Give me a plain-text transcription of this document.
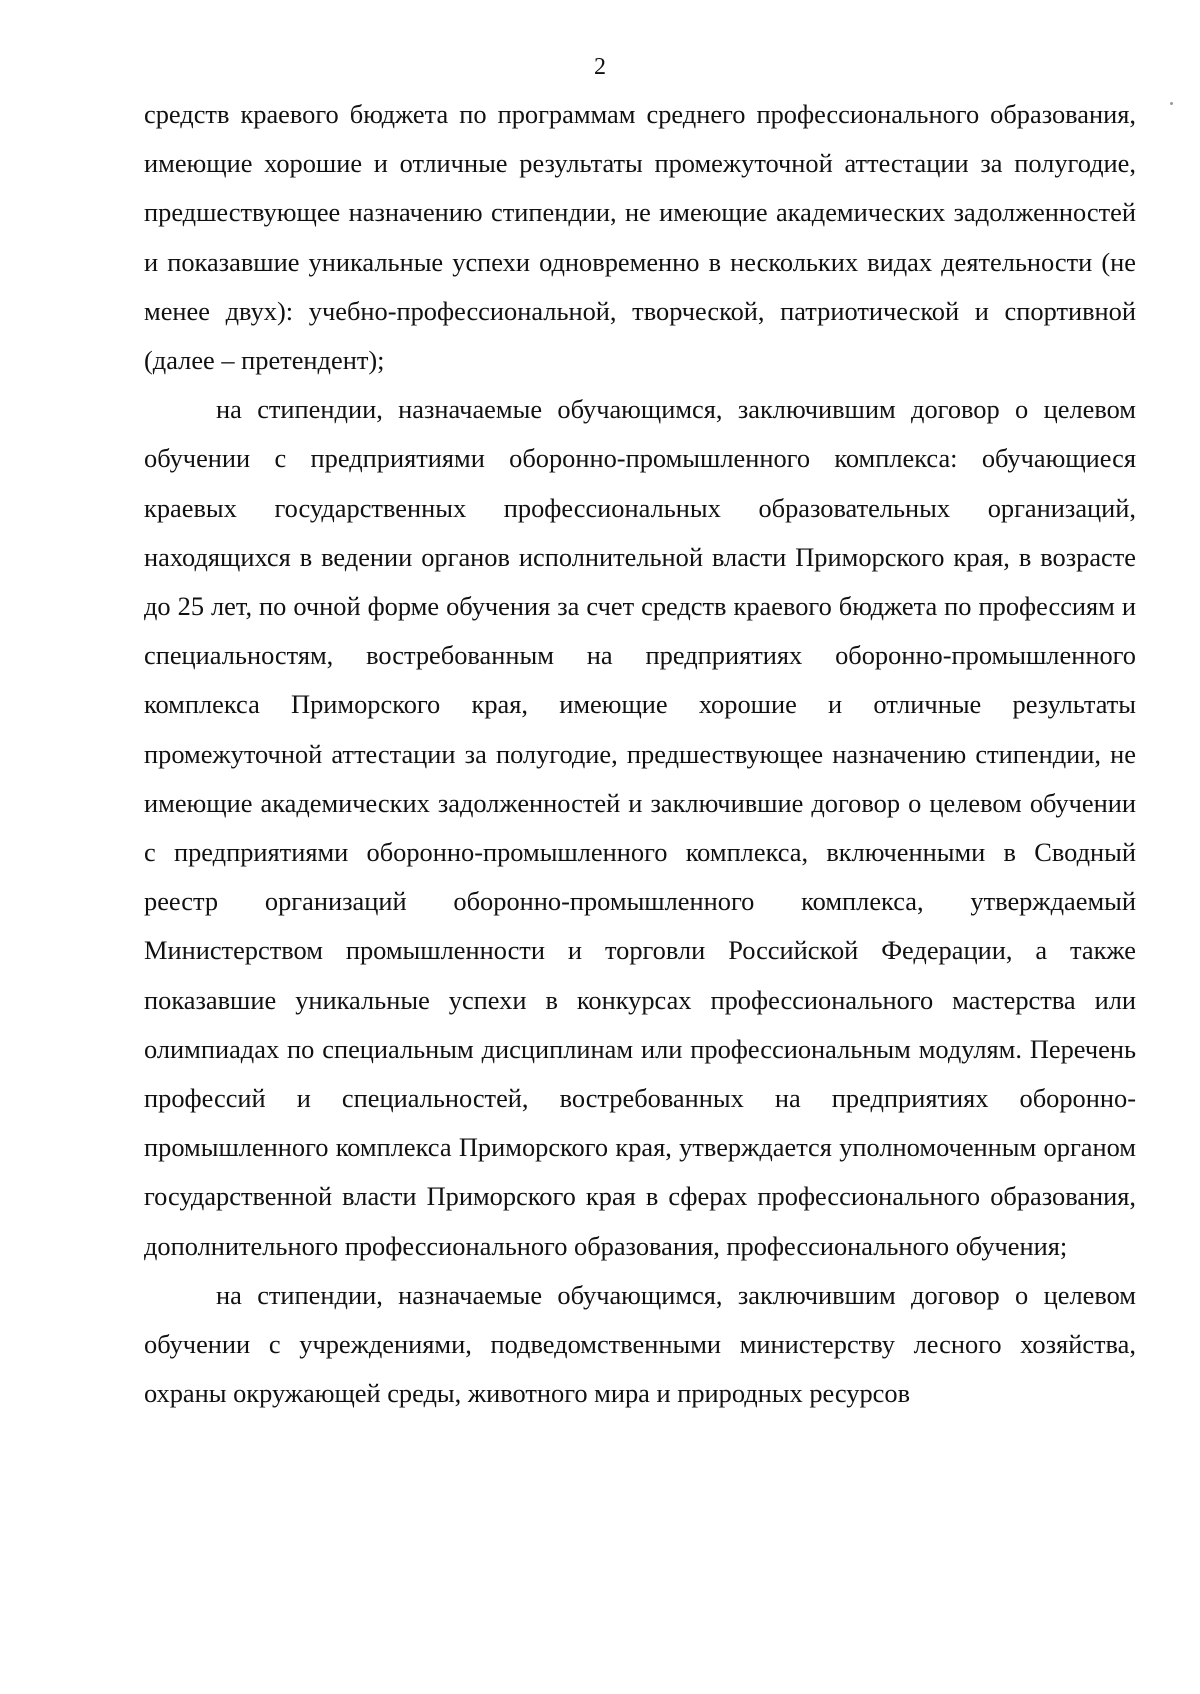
2

средств краевого бюджета по программам среднего профессионального образования, имеющие хорошие и отличные результаты промежуточной аттестации за полугодие, предшествующее назначению стипендии, не имеющие академических задолженностей и показавшие уникальные успехи одновременно в нескольких видах деятельности (не менее двух): учебно-профессиональной, творческой, патриотической и спортивной (далее – претендент);

на стипендии, назначаемые обучающимся, заключившим договор о целевом обучении с предприятиями оборонно-промышленного комплекса: обучающиеся краевых государственных профессиональных образовательных организаций, находящихся в ведении органов исполнительной власти Приморского края, в возрасте до 25 лет, по очной форме обучения за счет средств краевого бюджета по профессиям и специальностям, востребованным на предприятиях оборонно-промышленного комплекса Приморского края, имеющие хорошие и отличные результаты промежуточной аттестации за полугодие, предшествующее назначению стипендии, не имеющие академических задолженностей и заключившие договор о целевом обучении с предприятиями оборонно-промышленного комплекса, включенными в Сводный реестр организаций оборонно-промышленного комплекса, утверждаемый Министерством промышленности и торговли Российской Федерации, а также показавшие уникальные успехи в конкурсах профессионального мастерства или олимпиадах по специальным дисциплинам или профессиональным модулям. Перечень профессий и специальностей, востребованных на предприятиях оборонно-промышленного комплекса Приморского края, утверждается уполномоченным органом государственной власти Приморского края в сферах профессионального образования, дополнительного профессионального образования, профессионального обучения;

на стипендии, назначаемые обучающимся, заключившим договор о целевом обучении с учреждениями, подведомственными министерству лесного хозяйства, охраны окружающей среды, животного мира и природных ресурсов
